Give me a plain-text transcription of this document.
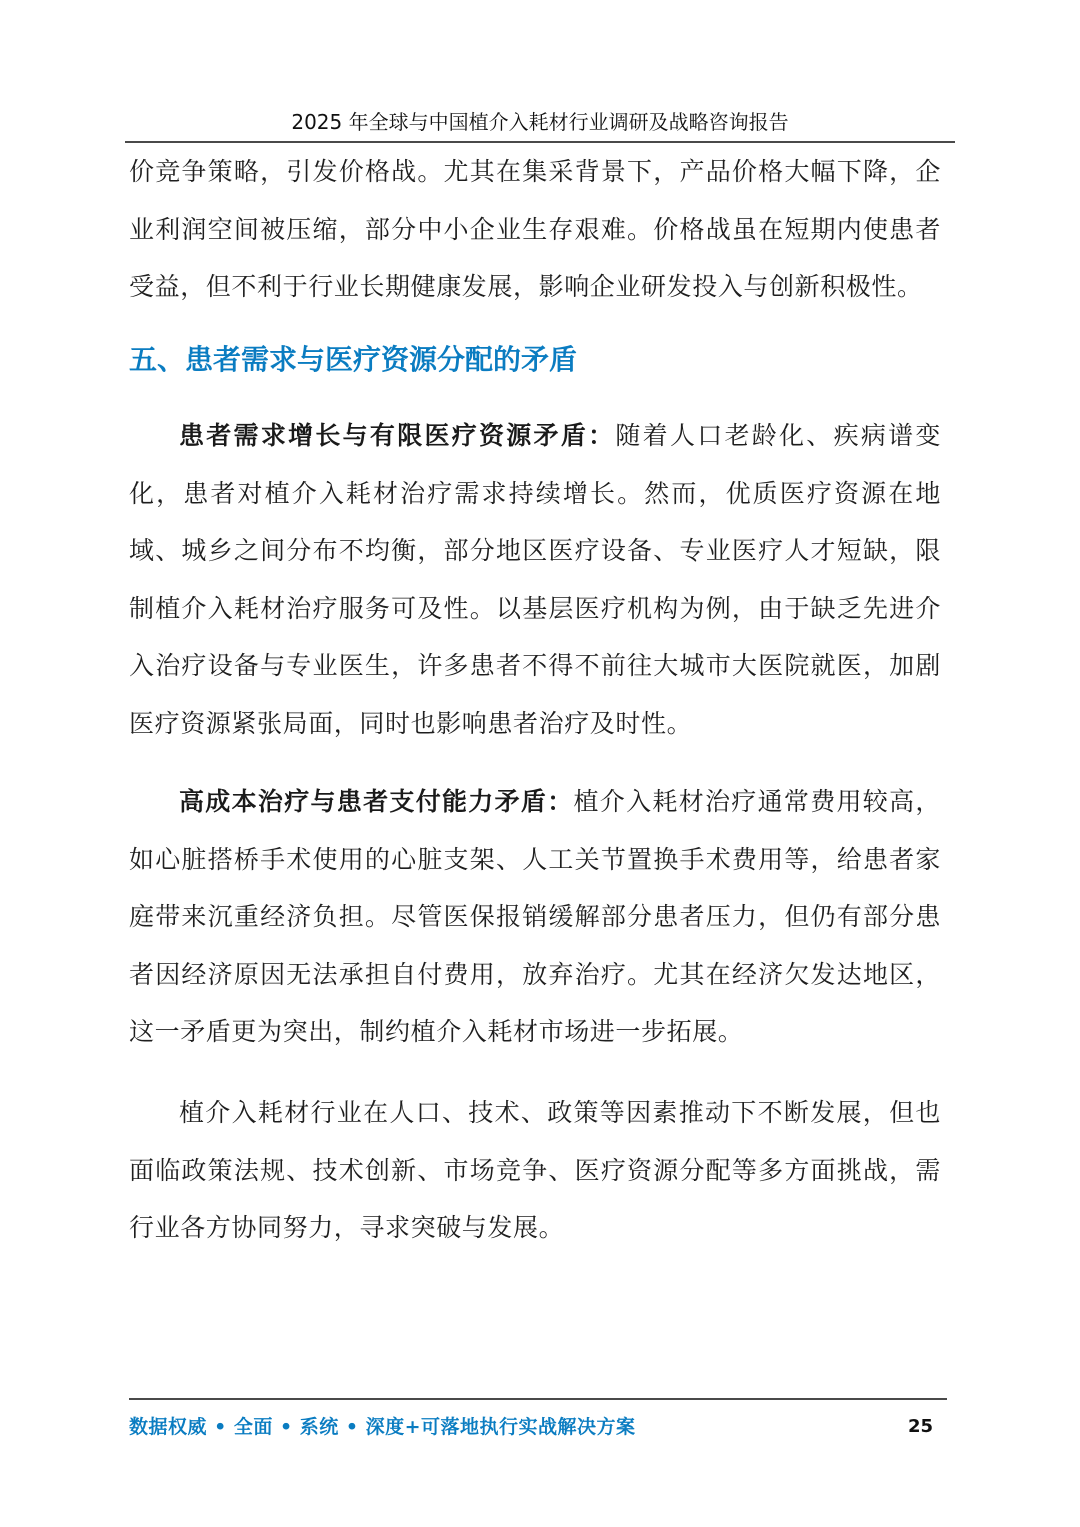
2025 年全球与中国植介入耗材行业调研及战略咨询报告

价竞争策略，引发价格战。尤其在集采背景下，产品价格大幅下降，企业利润空间被压缩，部分中小企业生存艰难。价格战虽在短期内使患者受益，但不利于行业长期健康发展，影响企业研发投入与创新积极性。

五、患者需求与医疗资源分配的矛盾

患者需求增长与有限医疗资源矛盾：随着人口老龄化、疾病谱变化，患者对植介入耗材治疗需求持续增长。然而，优质医疗资源在地域、城乡之间分布不均衡，部分地区医疗设备、专业医疗人才短缺，限制植介入耗材治疗服务可及性。以基层医疗机构为例，由于缺乏先进介入治疗设备与专业医生，许多患者不得不前往大城市大医院就医，加剧医疗资源紧张局面，同时也影响患者治疗及时性。

高成本治疗与患者支付能力矛盾：植介入耗材治疗通常费用较高，如心脏搭桥手术使用的心脏支架、人工关节置换手术费用等，给患者家庭带来沉重经济负担。尽管医保报销缓解部分患者压力，但仍有部分患者因经济原因无法承担自付费用，放弃治疗。尤其在经济欠发达地区，这一矛盾更为突出，制约植介入耗材市场进一步拓展。

植介入耗材行业在人口、技术、政策等因素推动下不断发展，但也面临政策法规、技术创新、市场竞争、医疗资源分配等多方面挑战，需行业各方协同努力，寻求突破与发展。

数据权威 • 全面 • 系统 • 深度+可落地执行实战解决方案	25
